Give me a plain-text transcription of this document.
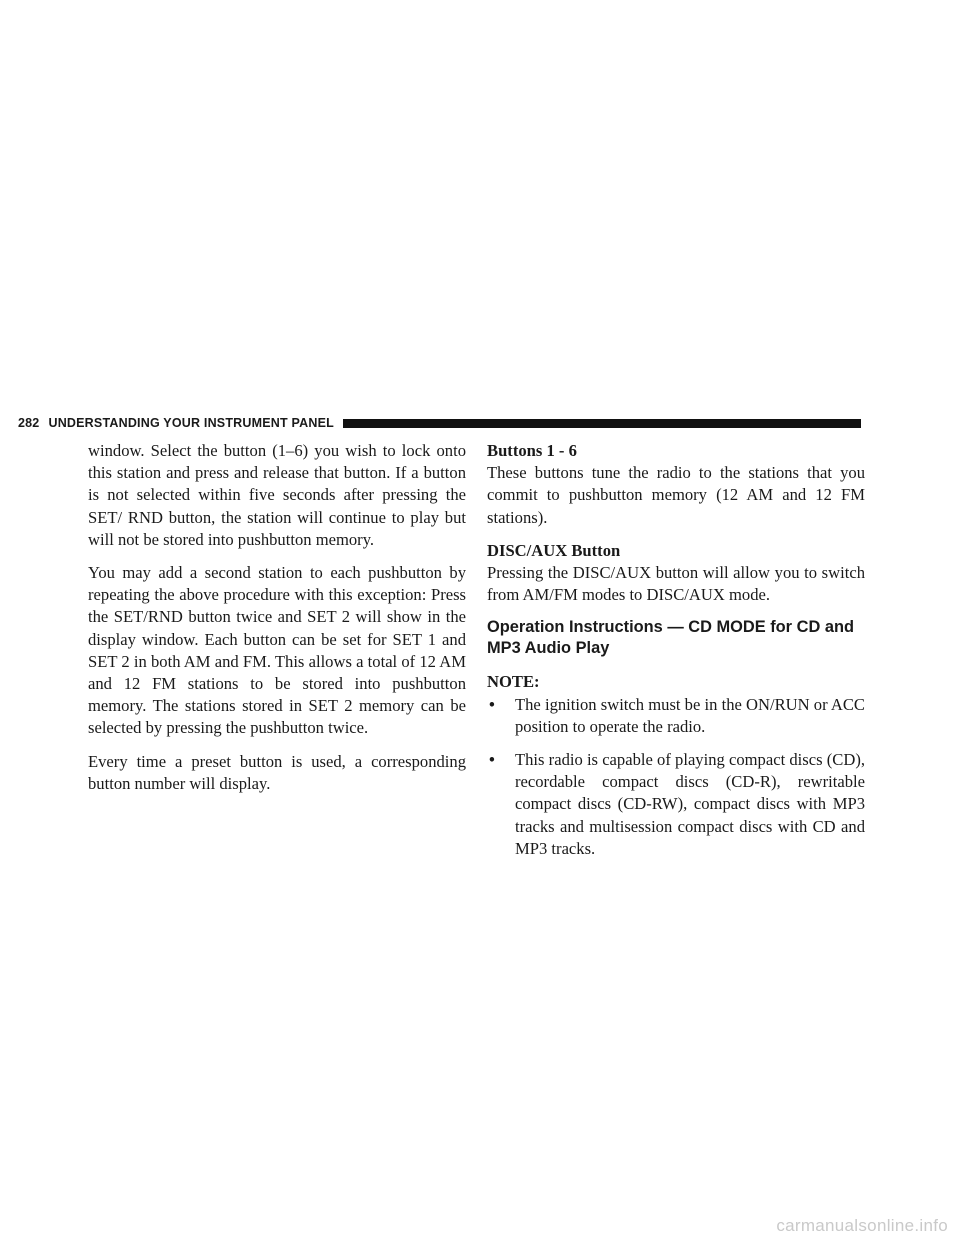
282 UNDERSTANDING YOUR INSTRUMENT PANEL

window. Select the button (1–6) you wish to lock onto this station and press and release that button. If a button is not selected within five seconds after pressing the SET/ RND button, the station will continue to play but will not be stored into pushbutton memory.

You may add a second station to each pushbutton by repeating the above procedure with this exception: Press the SET/RND button twice and SET 2 will show in the display window. Each button can be set for SET 1 and SET 2 in both AM and FM. This allows a total of 12 AM and 12 FM stations to be stored into pushbutton memory. The stations stored in SET 2 memory can be selected by pressing the pushbutton twice.

Every time a preset button is used, a corresponding button number will display.

Buttons 1 - 6

These buttons tune the radio to the stations that you commit to pushbutton memory (12 AM and 12 FM stations).

DISC/AUX Button

Pressing the DISC/AUX button will allow you to switch from AM/FM modes to DISC/AUX mode.

Operation Instructions — CD MODE for CD and MP3 Audio Play
NOTE:
• The ignition switch must be in the ON/RUN or ACC position to operate the radio.
• This radio is capable of playing compact discs (CD), recordable compact discs (CD-R), rewritable compact discs (CD-RW), compact discs with MP3 tracks and multisession compact discs with CD and MP3 tracks.
carmanualsonline.info
